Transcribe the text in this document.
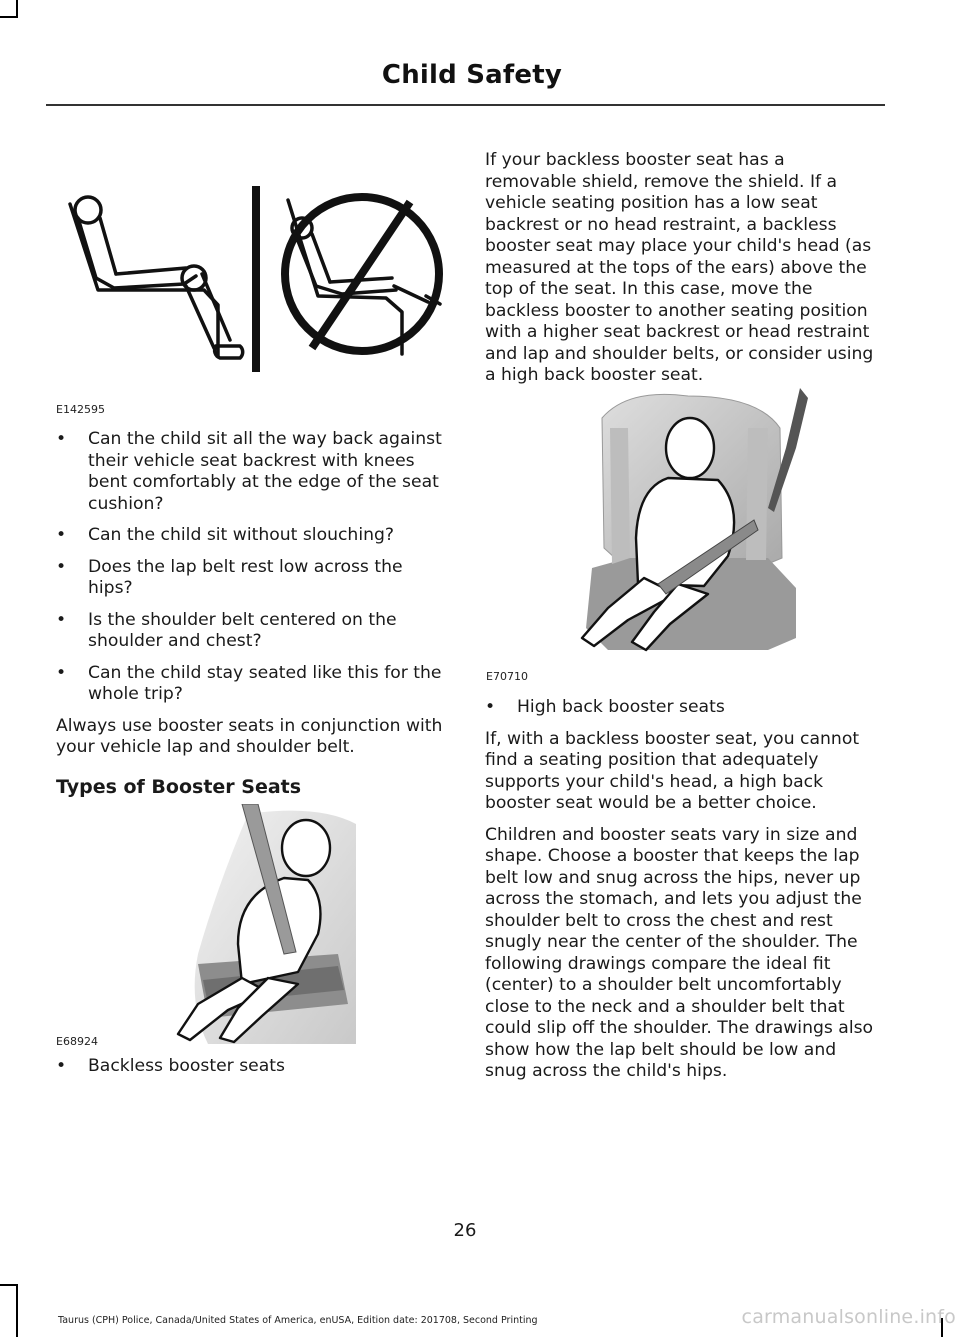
Child Safety
E142595
• Can the child sit all the way back against their vehicle seat backrest with knees bent comfortably at the edge of the seat cushion?
• Can the child sit without slouching?
• Does the lap belt rest low across the hips?
• Is the shoulder belt centered on the shoulder and chest?
• Can the child stay seated like this for the whole trip?

Always use booster seats in conjunction with your vehicle lap and shoulder belt.

Types of Booster Seats
E68924
• Backless booster seats

If your backless booster seat has a removable shield, remove the shield. If a vehicle seating position has a low seat backrest or no head restraint, a backless booster seat may place your child's head (as measured at the tops of the ears) above the top of the seat. In this case, move the backless booster to another seating position with a higher seat backrest or head restraint and lap and shoulder belts, or consider using a high back booster seat.

E70710
• High back booster seats

If, with a backless booster seat, you cannot find a seating position that adequately supports your child's head, a high back booster seat would be a better choice.

Children and booster seats vary in size and shape. Choose a booster that keeps the lap belt low and snug across the hips, never up across the stomach, and lets you adjust the shoulder belt to cross the chest and rest snugly near the center of the shoulder. The following drawings compare the ideal fit (center) to a shoulder belt uncomfortably close to the neck and a shoulder belt that could slip off the shoulder. The drawings also show how the lap belt should be low and snug across the child's hips.

26
Taurus (CPH) Police, Canada/United States of America, enUSA, Edition date: 201708, Second Printing	carmanualsonline.info
